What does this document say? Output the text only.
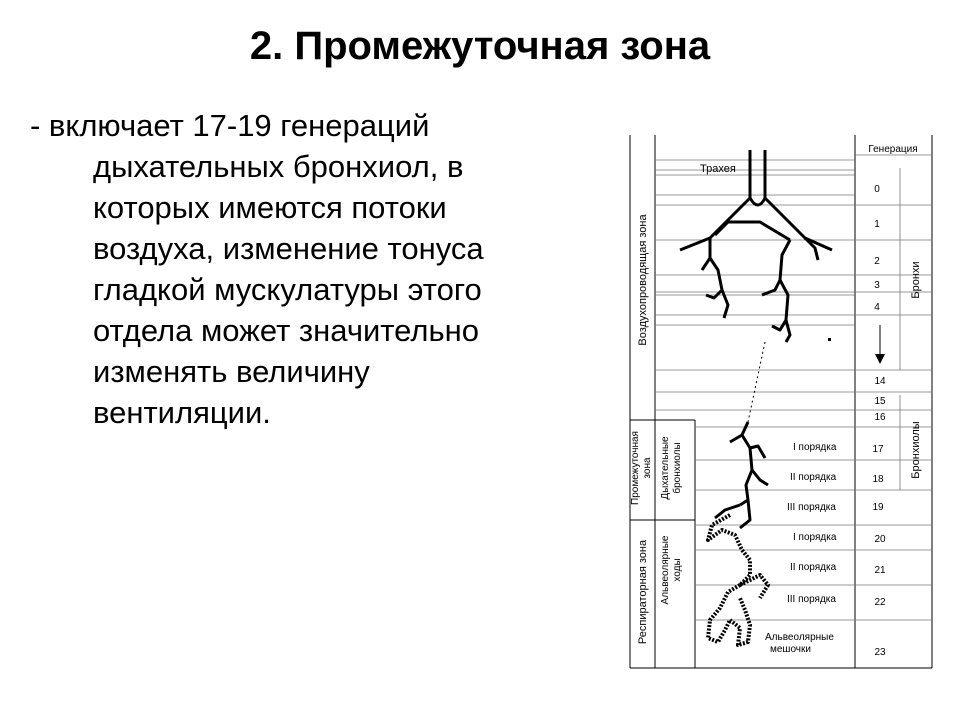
2. Промежуточная зона
- включает 17-19 генераций
дыхательных бронхиол, в
которых имеются потоки
воздуха, изменение тонуса
гладкой мускулатуры этого
отдела может значительно
изменять величину
вентиляции.
Генерация
Трахея
Воздухопроводящая зона
Промежуточная зона
Респираторная зона
Дыхательные бронхиолы
Альвеолярные ходы
Бронхи
Бронхиолы
I порядка
II порядка
III порядка
I порядка
II порядка
III порядка
Альвеолярные
мешочки
0
1
2
3
4
14
15
16
17
18
19
20
21
22
23
